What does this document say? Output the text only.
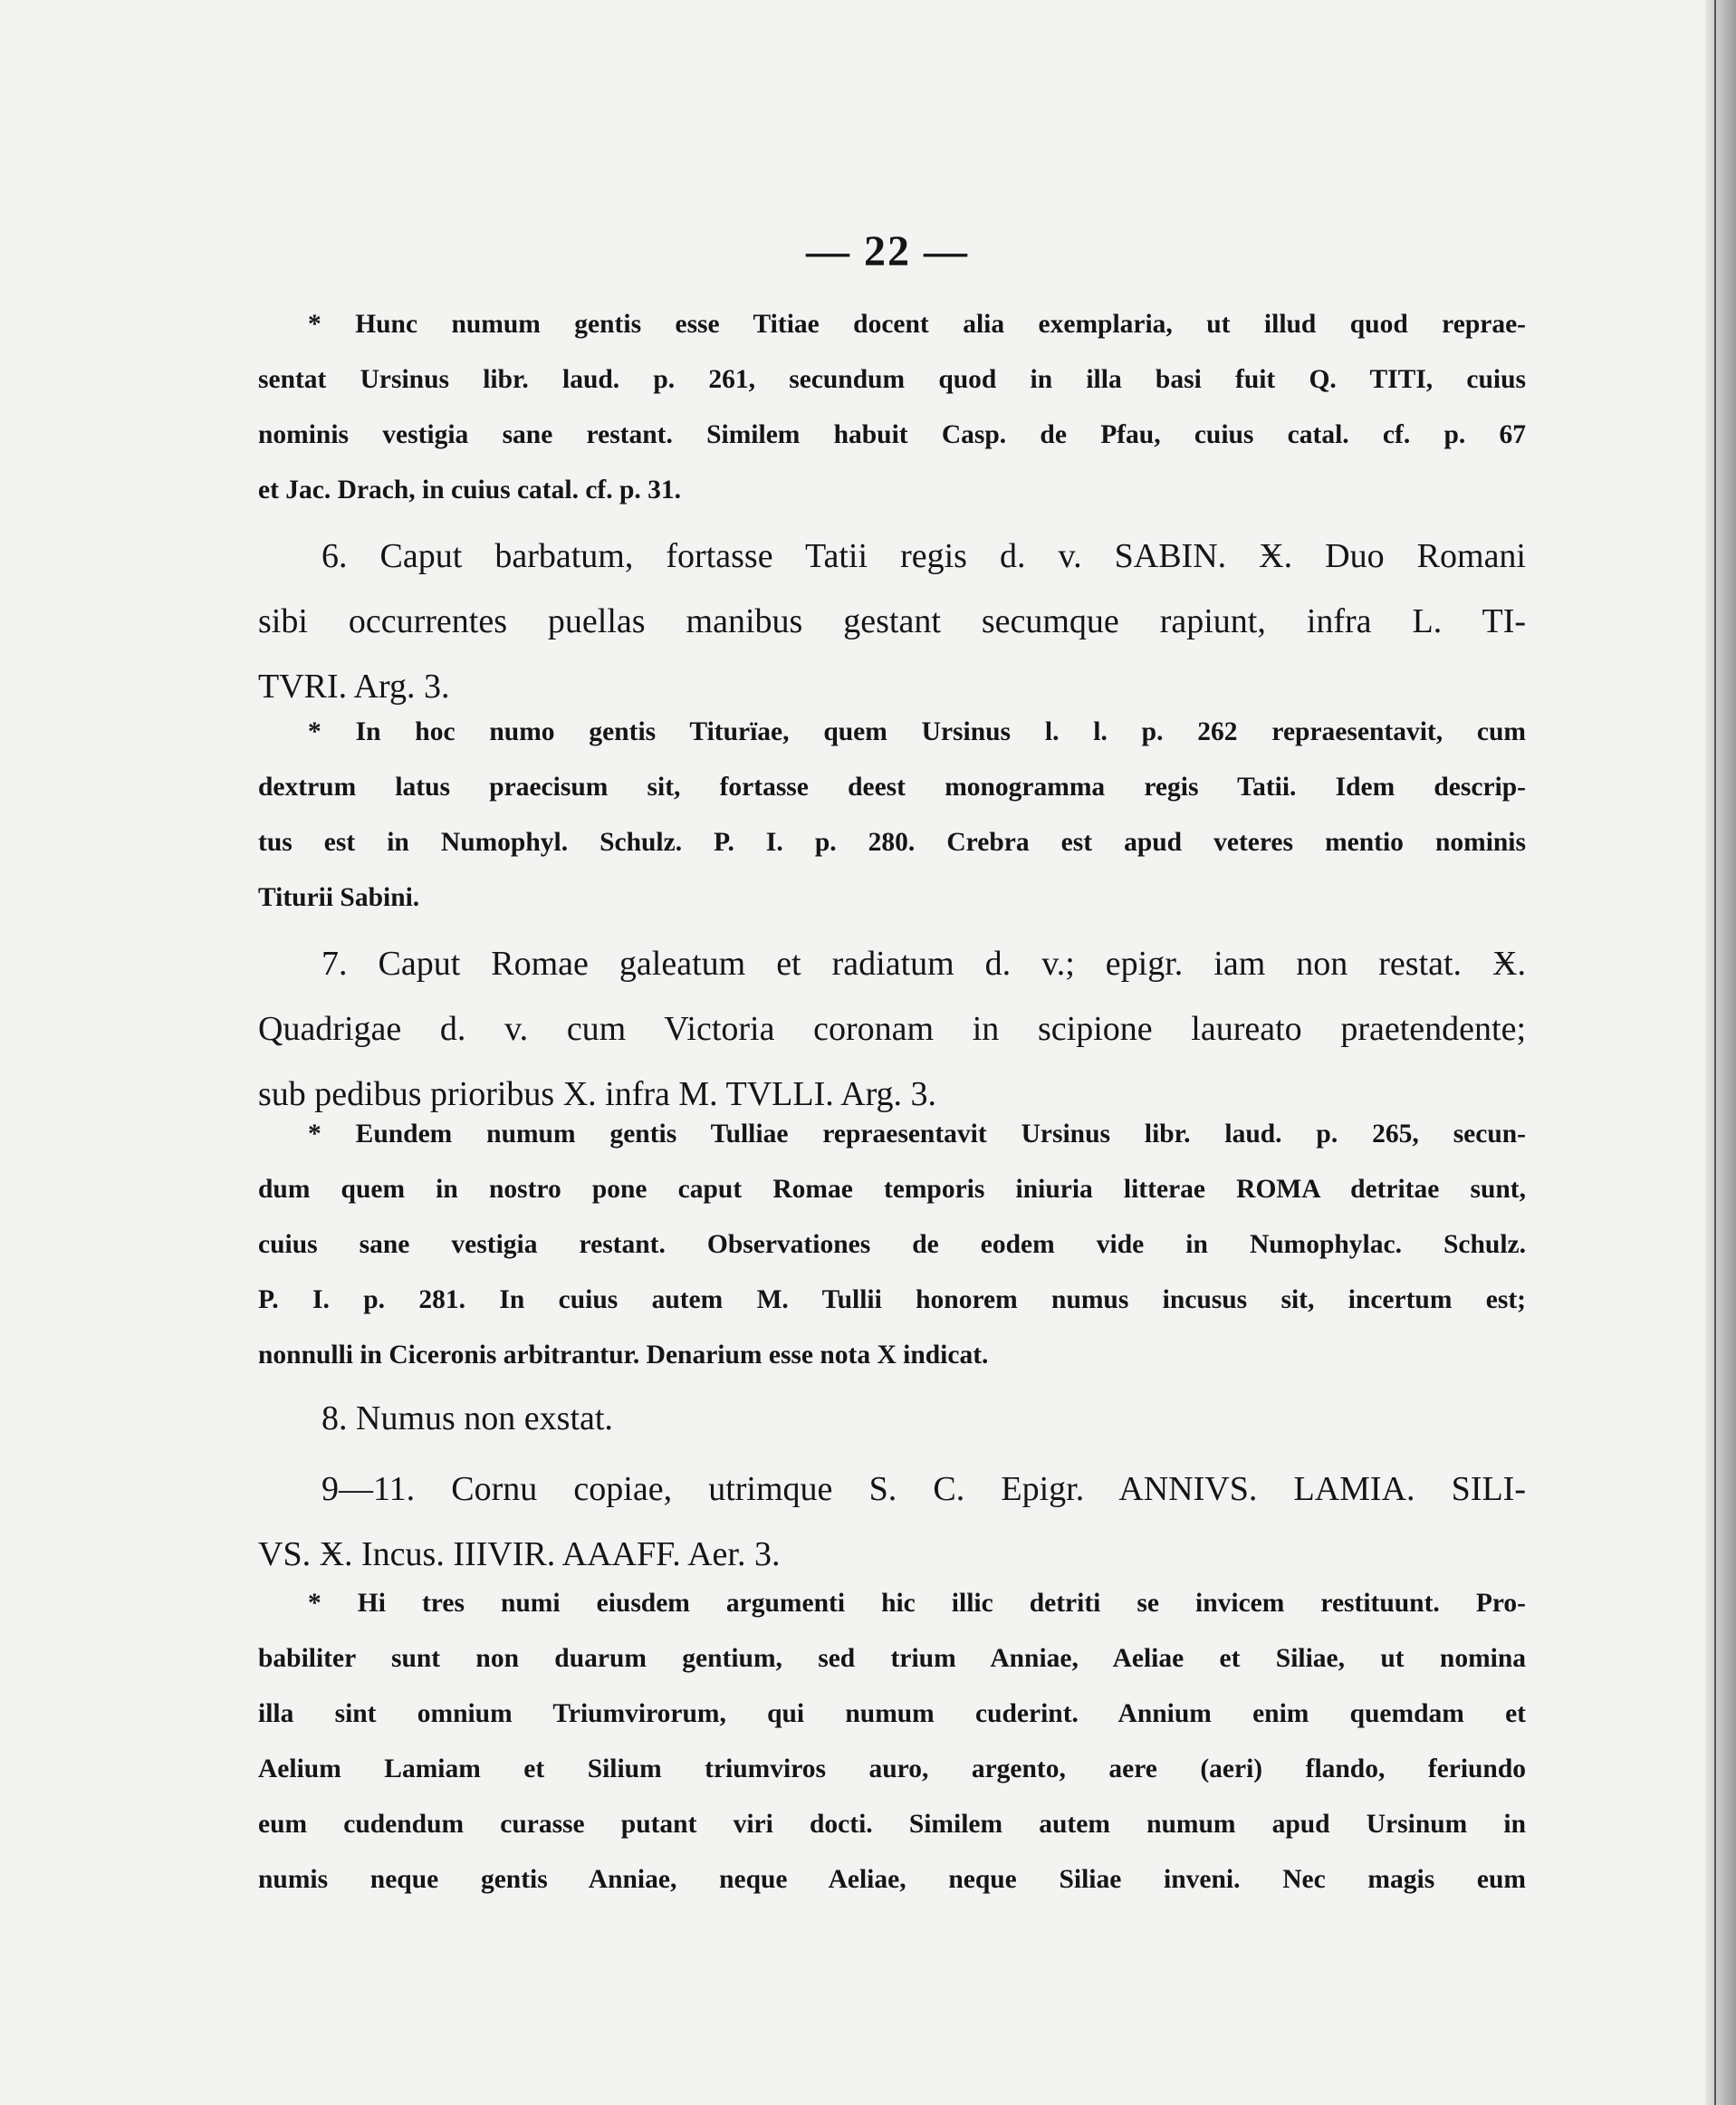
— 22 —
* Hunc numum gentis esse Titiae docent alia exemplaria, ut illud quod reprae-
sentat Ursinus libr. laud. p. 261, secundum quod in illa basi fuit Q. TITI, cuius
nominis vestigia sane restant. Similem habuit Casp. de Pfau, cuius catal. cf. p. 67
et Jac. Drach, in cuius catal. cf. p. 31.
6. Caput barbatum, fortasse Tatii regis d. v. SABIN. Ӿ. Duo Romani
sibi occurrentes puellas manibus gestant secumque rapiunt, infra L. TI-
TVRI. Arg. 3.
* In hoc numo gentis Titurïae, quem Ursinus l. l. p. 262 repraesentavit, cum
dextrum latus praecisum sit, fortasse deest monogramma regis Tatii. Idem descrip-
tus est in Numophyl. Schulz. P. I. p. 280. Crebra est apud veteres mentio nominis
Titurii Sabini.
7. Caput Romae galeatum et radiatum d. v.; epigr. iam non restat. Ӿ.
Quadrigae d. v. cum Victoria coronam in scipione laureato praetendente;
sub pedibus prioribus X. infra M. TVLLI. Arg. 3.
* Eundem numum gentis Tulliae repraesentavit Ursinus libr. laud. p. 265, secun-
dum quem in nostro pone caput Romae temporis iniuria litterae ROMA detritae sunt,
cuius sane vestigia restant. Observationes de eodem vide in Numophylac. Schulz.
P. I. p. 281. In cuius autem M. Tullii honorem numus incusus sit, incertum est;
nonnulli in Ciceronis arbitrantur. Denarium esse nota X indicat.
8. Numus non exstat.
9—11. Cornu copiae, utrimque S. C. Epigr. ANNIVS. LAMIA. SILI-
VS. Ӿ. Incus. IIIVIR. AAAFF. Aer. 3.
* Hi tres numi eiusdem argumenti hic illic detriti se invicem restituunt. Pro-
babiliter sunt non duarum gentium, sed trium Anniae, Aeliae et Siliae, ut nomina
illa sint omnium Triumvirorum, qui numum cuderint. Annium enim quemdam et
Aelium Lamiam et Silium triumviros auro, argento, aere (aeri) flando, feriundo
eum cudendum curasse putant viri docti. Similem autem numum apud Ursinum in
numis neque gentis Anniae, neque Aeliae, neque Siliae inveni. Nec magis eum
